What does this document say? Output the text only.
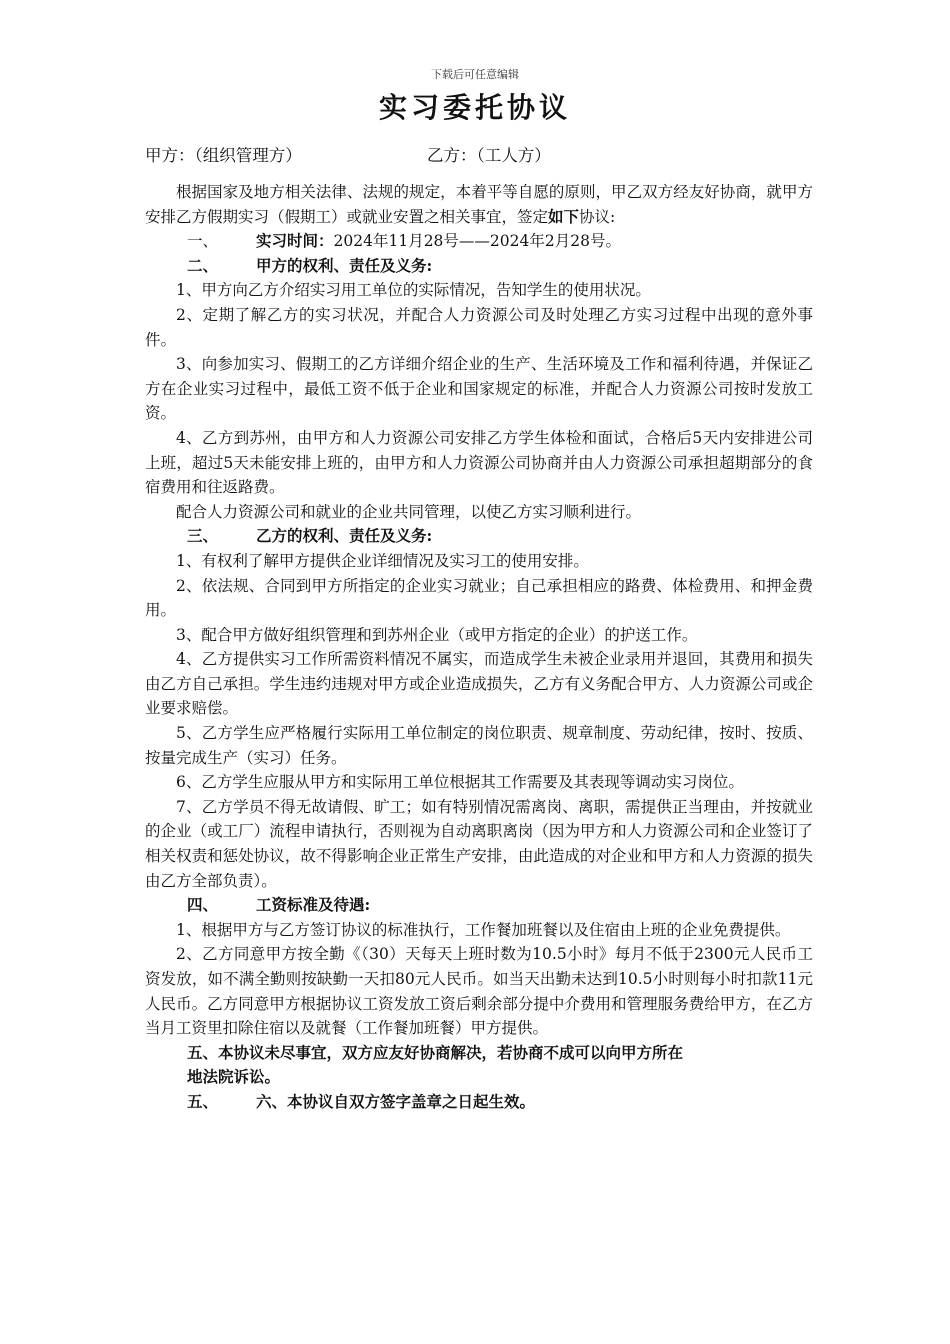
下载后可任意编辑
实习委托协议
甲方：（组织管理方）	乙方：（工人方）

根据国家及地方相关法律、法规的规定，本着平等自愿的原则，甲乙双方经友好协商，就甲方安排乙方假期实习（假期工）或就业安置之相关事宜，签定如下协议:

一、 实习时间：2024年11月28号——2024年2月28号。

二、 甲方的权利、责任及义务:

1、甲方向乙方介绍实习用工单位的实际情况，告知学生的使用状况。

2、定期了解乙方的实习状况，并配合人力资源公司及时处理乙方实习过程中出现的意外事件。

3、向参加实习、假期工的乙方详细介绍企业的生产、生活环境及工作和福利待遇，并保证乙方在企业实习过程中，最低工资不低于企业和国家规定的标准，并配合人力资源公司按时发放工资。

4、乙方到苏州，由甲方和人力资源公司安排乙方学生体检和面试，合格后5天内安排进公司上班，超过5天未能安排上班的，由甲方和人力资源公司协商并由人力资源公司承担超期部分的食宿费用和往返路费。

配合人力资源公司和就业的企业共同管理，以使乙方实习顺利进行。

三、 乙方的权利、责任及义务:

1、有权利了解甲方提供企业详细情况及实习工的使用安排。

2、依法规、合同到甲方所指定的企业实习就业；自己承担相应的路费、体检费用、和押金费用。

3、配合甲方做好组织管理和到苏州企业（或甲方指定的企业）的护送工作。

4、乙方提供实习工作所需资料情况不属实，而造成学生未被企业录用并退回，其费用和损失由乙方自己承担。学生违约违规对甲方或企业造成损失，乙方有义务配合甲方、人力资源公司或企业要求赔偿。

5、乙方学生应严格履行实际用工单位制定的岗位职责、规章制度、劳动纪律，按时、按质、按量完成生产（实习）任务。

6、乙方学生应服从甲方和实际用工单位根据其工作需要及其表现等调动实习岗位。

7、乙方学员不得无故请假、旷工；如有特别情况需离岗、离职，需提供正当理由，并按就业的企业（或工厂）流程申请执行，否则视为自动离职离岗（因为甲方和人力资源公司和企业签订了相关权责和惩处协议，故不得影响企业正常生产安排，由此造成的对企业和甲方和人力资源的损失由乙方全部负责）。

四、 工资标准及待遇:

1、根据甲方与乙方签订协议的标准执行，工作餐加班餐以及住宿由上班的企业免费提供。

2、乙方同意甲方按全勤《（30）天每天上班时数为10.5小时》每月不低于2300元人民币工资发放，如不满全勤则按缺勤一天扣80元人民币。如当天出勤未达到10.5小时则每小时扣款11元人民币。乙方同意甲方根据协议工资发放工资后剩余部分提中介费用和管理服务费给甲方，在乙方当月工资里扣除住宿以及就餐（工作餐加班餐）甲方提供。

五、本协议未尽事宜，双方应友好协商解决，若协商不成可以向甲方所在
地法院诉讼。

五、 六、本协议自双方签字盖章之日起生效。
